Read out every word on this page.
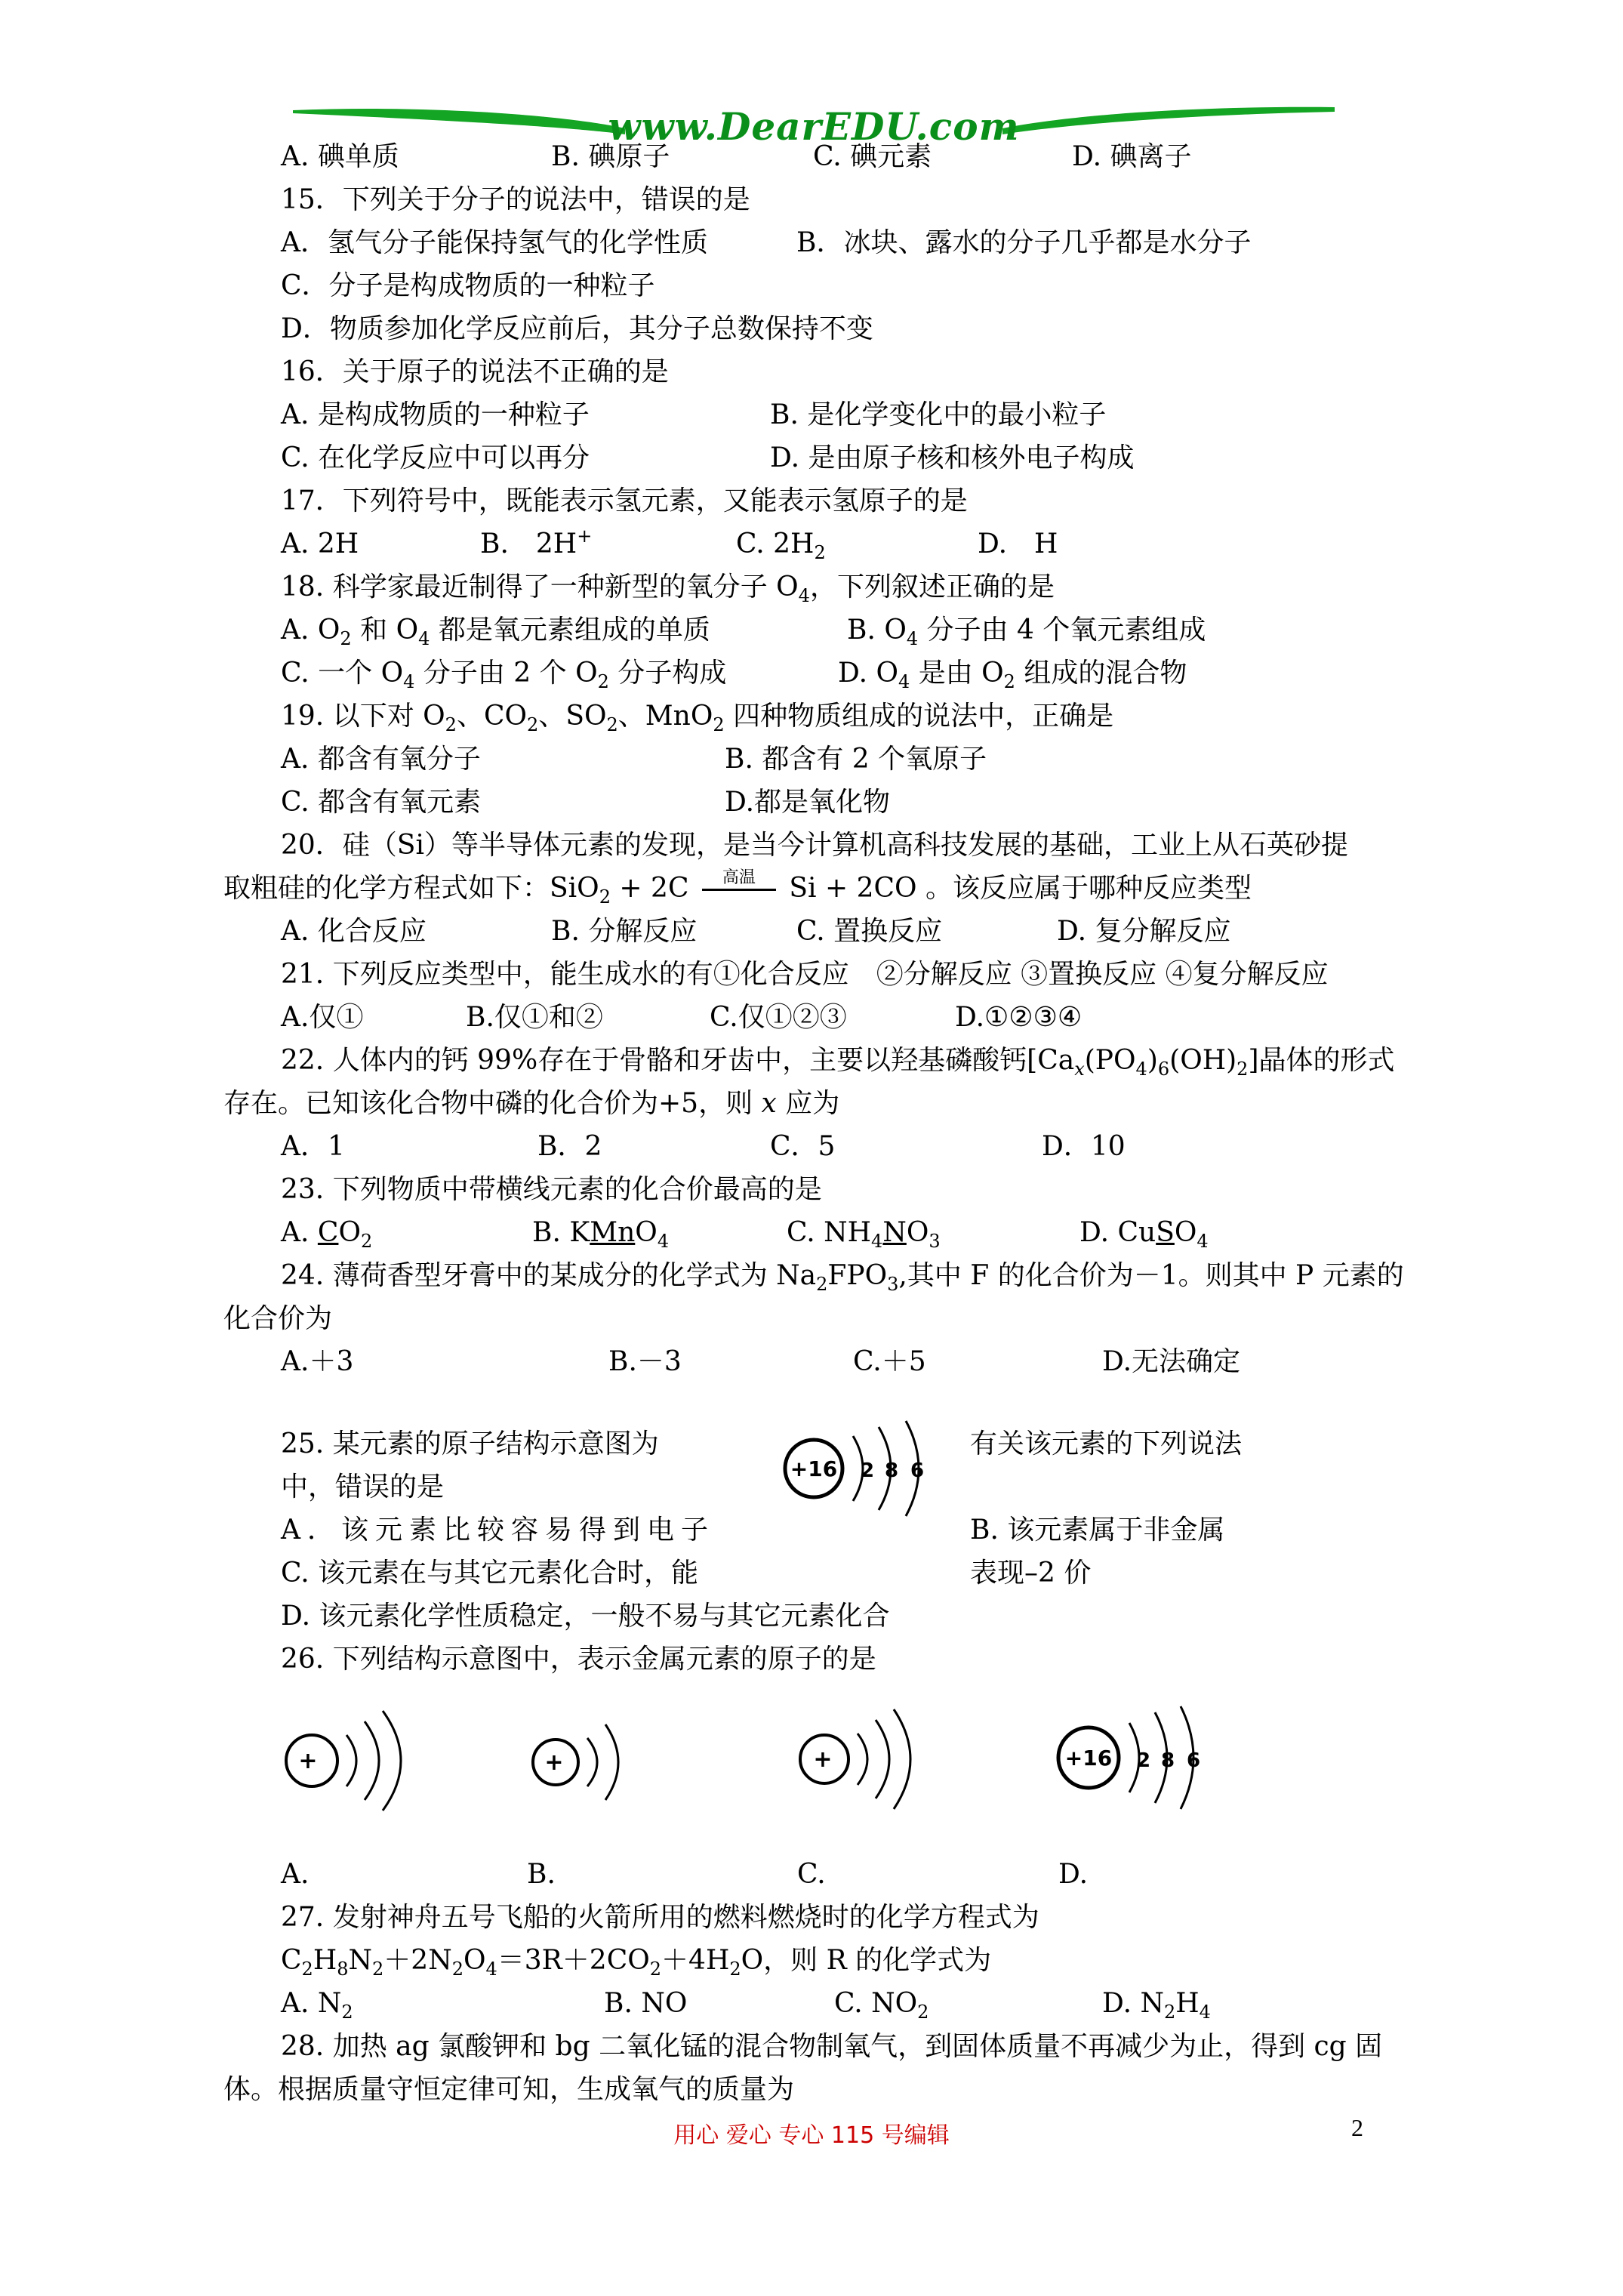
www.DearEDU.com
A. 碘单质	B. 碘原子	C. 碘元素	D. 碘离子
15．下列关于分子的说法中，错误的是
A．氢气分子能保持氢气的化学性质	B．冰块、露水的分子几乎都是水分子
C．分子是构成物质的一种粒子
D．物质参加化学反应前后，其分子总数保持不变
16．关于原子的说法不正确的是
A. 是构成物质的一种粒子	B. 是化学变化中的最小粒子
C. 在化学反应中可以再分	D. 是由原子核和核外电子构成
17．下列符号中，既能表示氢元素，又能表示氢原子的是
A. 2H	B.　2H+	C. $2H_2$	D.　H
18. 科学家最近制得了一种新型的氧分子 $O_4$，下列叙述正确的是
A. $O_2$ 和 $O_4$ 都是氧元素组成的单质	B. $O_4$ 分子由 4 个氧元素组成
C. 一个 $O_4$ 分子由 2 个 $O_2$ 分子构成	D. $O_4$ 是由 $O_2$ 组成的混合物
19. 以下对 $O_2$、$CO_2$、$SO_2$、MnO$_2$ 四种物质组成的说法中，正确是
A. 都含有氧分子	B. 都含有 2 个氧原子
C. 都含有氧元素	D.都是氧化物
20．硅（Si）等半导体元素的发现，是当今计算机高科技发展的基础，工业上从石英砂提
取粗硅的化学方程式如下：SiO$_2$ + 2C	高温 Si + 2CO 。该反应属于哪种反应类型
A. 化合反应	B. 分解反应	C. 置换反应	D. 复分解反应
21. 下列反应类型中，能生成水的有①化合反应　②分解反应 ③置换反应 ④复分解反应
A.仅①	B.仅①和②	C.仅①②③	D.①②③④
22. 人体内的钙 99%存在于骨骼和牙齿中，主要以羟基磷酸钙$[Ca_x(PO_4)_6(OH)_2]$晶体的形式
存在。已知该化合物中磷的化合价为+5，则 x 应为
A．1	B．2	C．5	D．10
23. 下列物质中带横线元素的化合价最高的是
A. $CO_2$	B. KMnO$_4$	C. $NH_4NO_3$	D. CuSO$_4$
24. 薄荷香型牙膏中的某成分的化学式为 $Na_2FPO_3$,其中 F 的化合价为－1。则其中 P 元素的
化合价为
A.＋3	B.－3	C.＋5	D.无法确定
25. 某元素的原子结构示意图为	有关该元素的下列说法
中，错误的是
+16 2 8 6
A．该元素比较容易得到电子	B. 该元素属于非金属
C. 该元素在与其它元素化合时，能	表现–2 价
D. 该元素化学性质稳定，一般不易与其它元素化合
26. 下列结构示意图中，表示金属元素的原子的是
+	+	+	+16 2 8 6
A.	B.	C.	D.
27. 发射神舟五号飞船的火箭所用的燃料燃烧时的化学方程式为
$C_2H_8N_2+2N_2O_4=3R+2CO_2+4H_2O$，则 R 的化学式为
A. $N_2$	B. NO	C. $NO_2$	D. $N_2H_4$
28. 加热 ag 氯酸钾和 bg 二氧化锰的混合物制氧气，到固体质量不再减少为止，得到 cg 固
体。根据质量守恒定律可知，生成氧气的质量为
用心 爱心 专心 115 号编辑	2
